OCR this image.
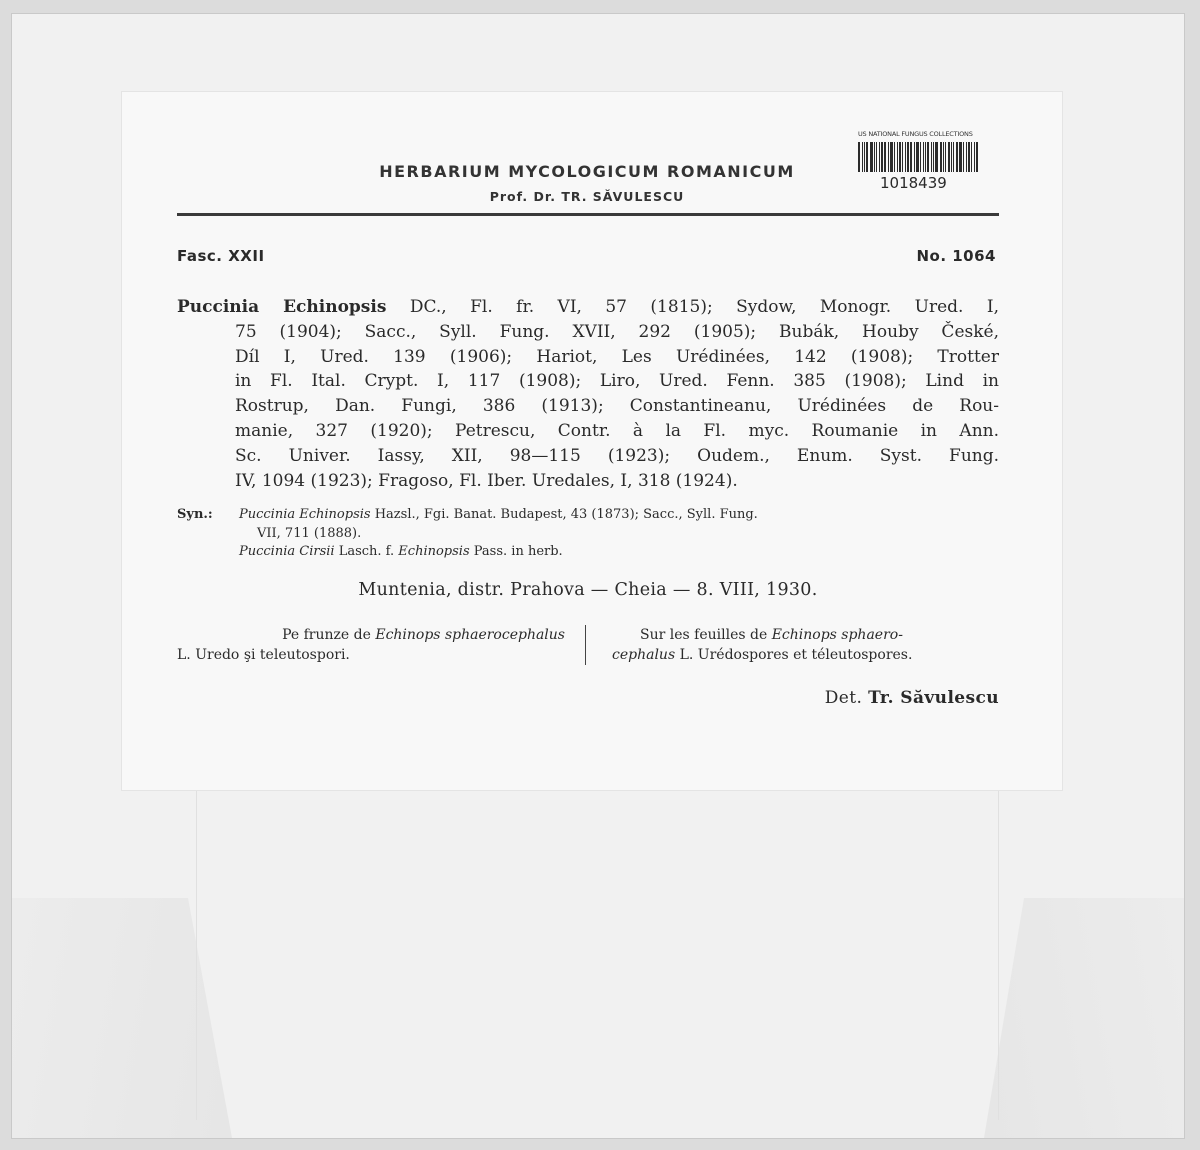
HERBARIUM MYCOLOGICUM ROMANICUM
Prof. Dr. TR. SĂVULESCU
US NATIONAL FUNGUS COLLECTIONS
1018439
Fasc. XXII	No. 1064
Puccinia Echinopsis DC., Fl. fr. VI, 57 (1815); Sydow, Monogr. Ured. I,
75 (1904); Sacc., Syll. Fung. XVII, 292 (1905); Bubák, Houby České,
Díl I, Ured. 139 (1906); Hariot, Les Urédinées, 142 (1908); Trotter
in Fl. Ital. Crypt. I, 117 (1908); Liro, Ured. Fenn. 385 (1908); Lind in
Rostrup, Dan. Fungi, 386 (1913); Constantineanu, Urédinées de Rou-
manie, 327 (1920); Petrescu, Contr. à la Fl. myc. Roumanie in Ann.
Sc. Univer. Iassy, XII, 98—115 (1923); Oudem., Enum. Syst. Fung.
IV, 1094 (1923); Fragoso, Fl. Iber. Uredales, I, 318 (1924).
Syn.: Puccinia Echinopsis Hazsl., Fgi. Banat. Budapest, 43 (1873); Sacc., Syll. Fung.
VII, 711 (1888).
Puccinia Cirsii Lasch. f. Echinopsis Pass. in herb.
Muntenia, distr. Prahova — Cheia — 8. VIII, 1930.
Pe frunze de Echinops sphaerocephalus
L. Uredo şi teleutospori.
Sur les feuilles de Echinops sphaero-
cephalus L. Urédospores et téleutospores.
Det. Tr. Săvulescu
